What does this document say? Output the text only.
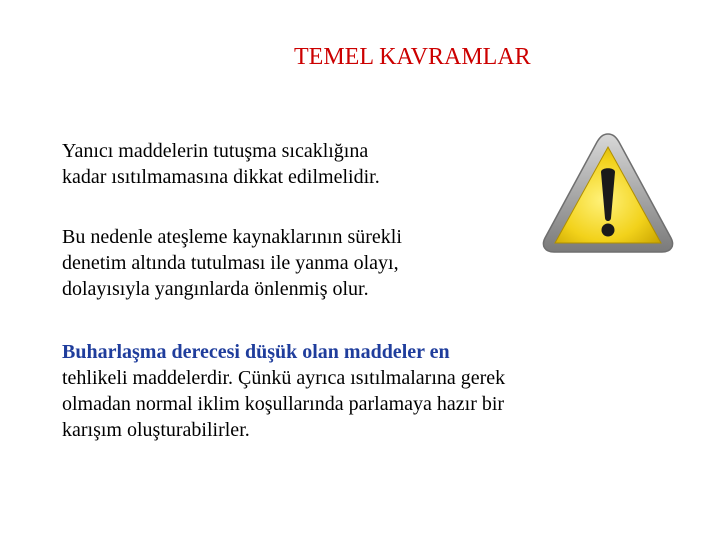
TEMEL KAVRAMLAR
Yanıcı maddelerin tutuşma sıcaklığına
kadar ısıtılmamasına dikkat edilmelidir.
Bu nedenle ateşleme kaynaklarının sürekli
denetim altında tutulması ile yanma olayı,
dolayısıyla yangınlarda önlenmiş olur.
Buharlaşma derecesi düşük olan maddeler en
tehlikeli maddelerdir. Çünkü ayrıca ısıtılmalarına gerek
olmadan normal iklim koşullarında parlamaya hazır bir
karışım oluşturabilirler.
